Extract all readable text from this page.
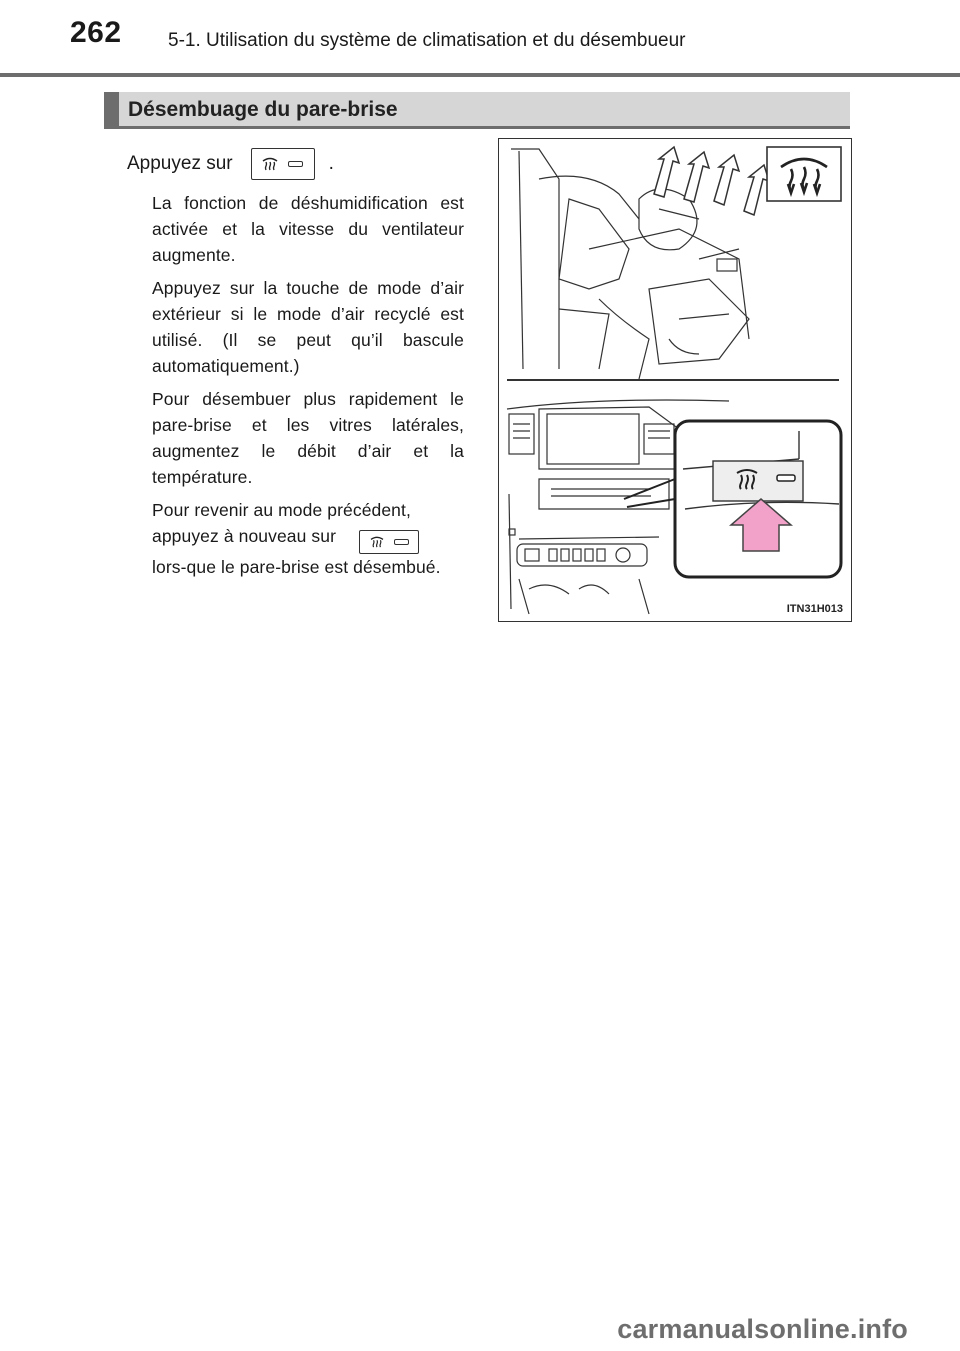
262 5-1. Utilisation du système de climatisation et du désembueur
Désembuage du pare-brise
Appuyez sur	.

La fonction de déshumidification est activée et la vitesse du ventilateur augmente.

Appuyez sur la touche de mode d’air extérieur si le mode d’air recyclé est utilisé. (Il se peut qu’il bascule automatiquement.)

Pour désembuer plus rapidement le pare-brise et les vitres latérales, augmentez le débit d’air et la température.

Pour revenir au mode précédent, appuyez à nouveau sur
lors-que le pare-brise est désembué.

ITN31H013
carmanualsonline.info
